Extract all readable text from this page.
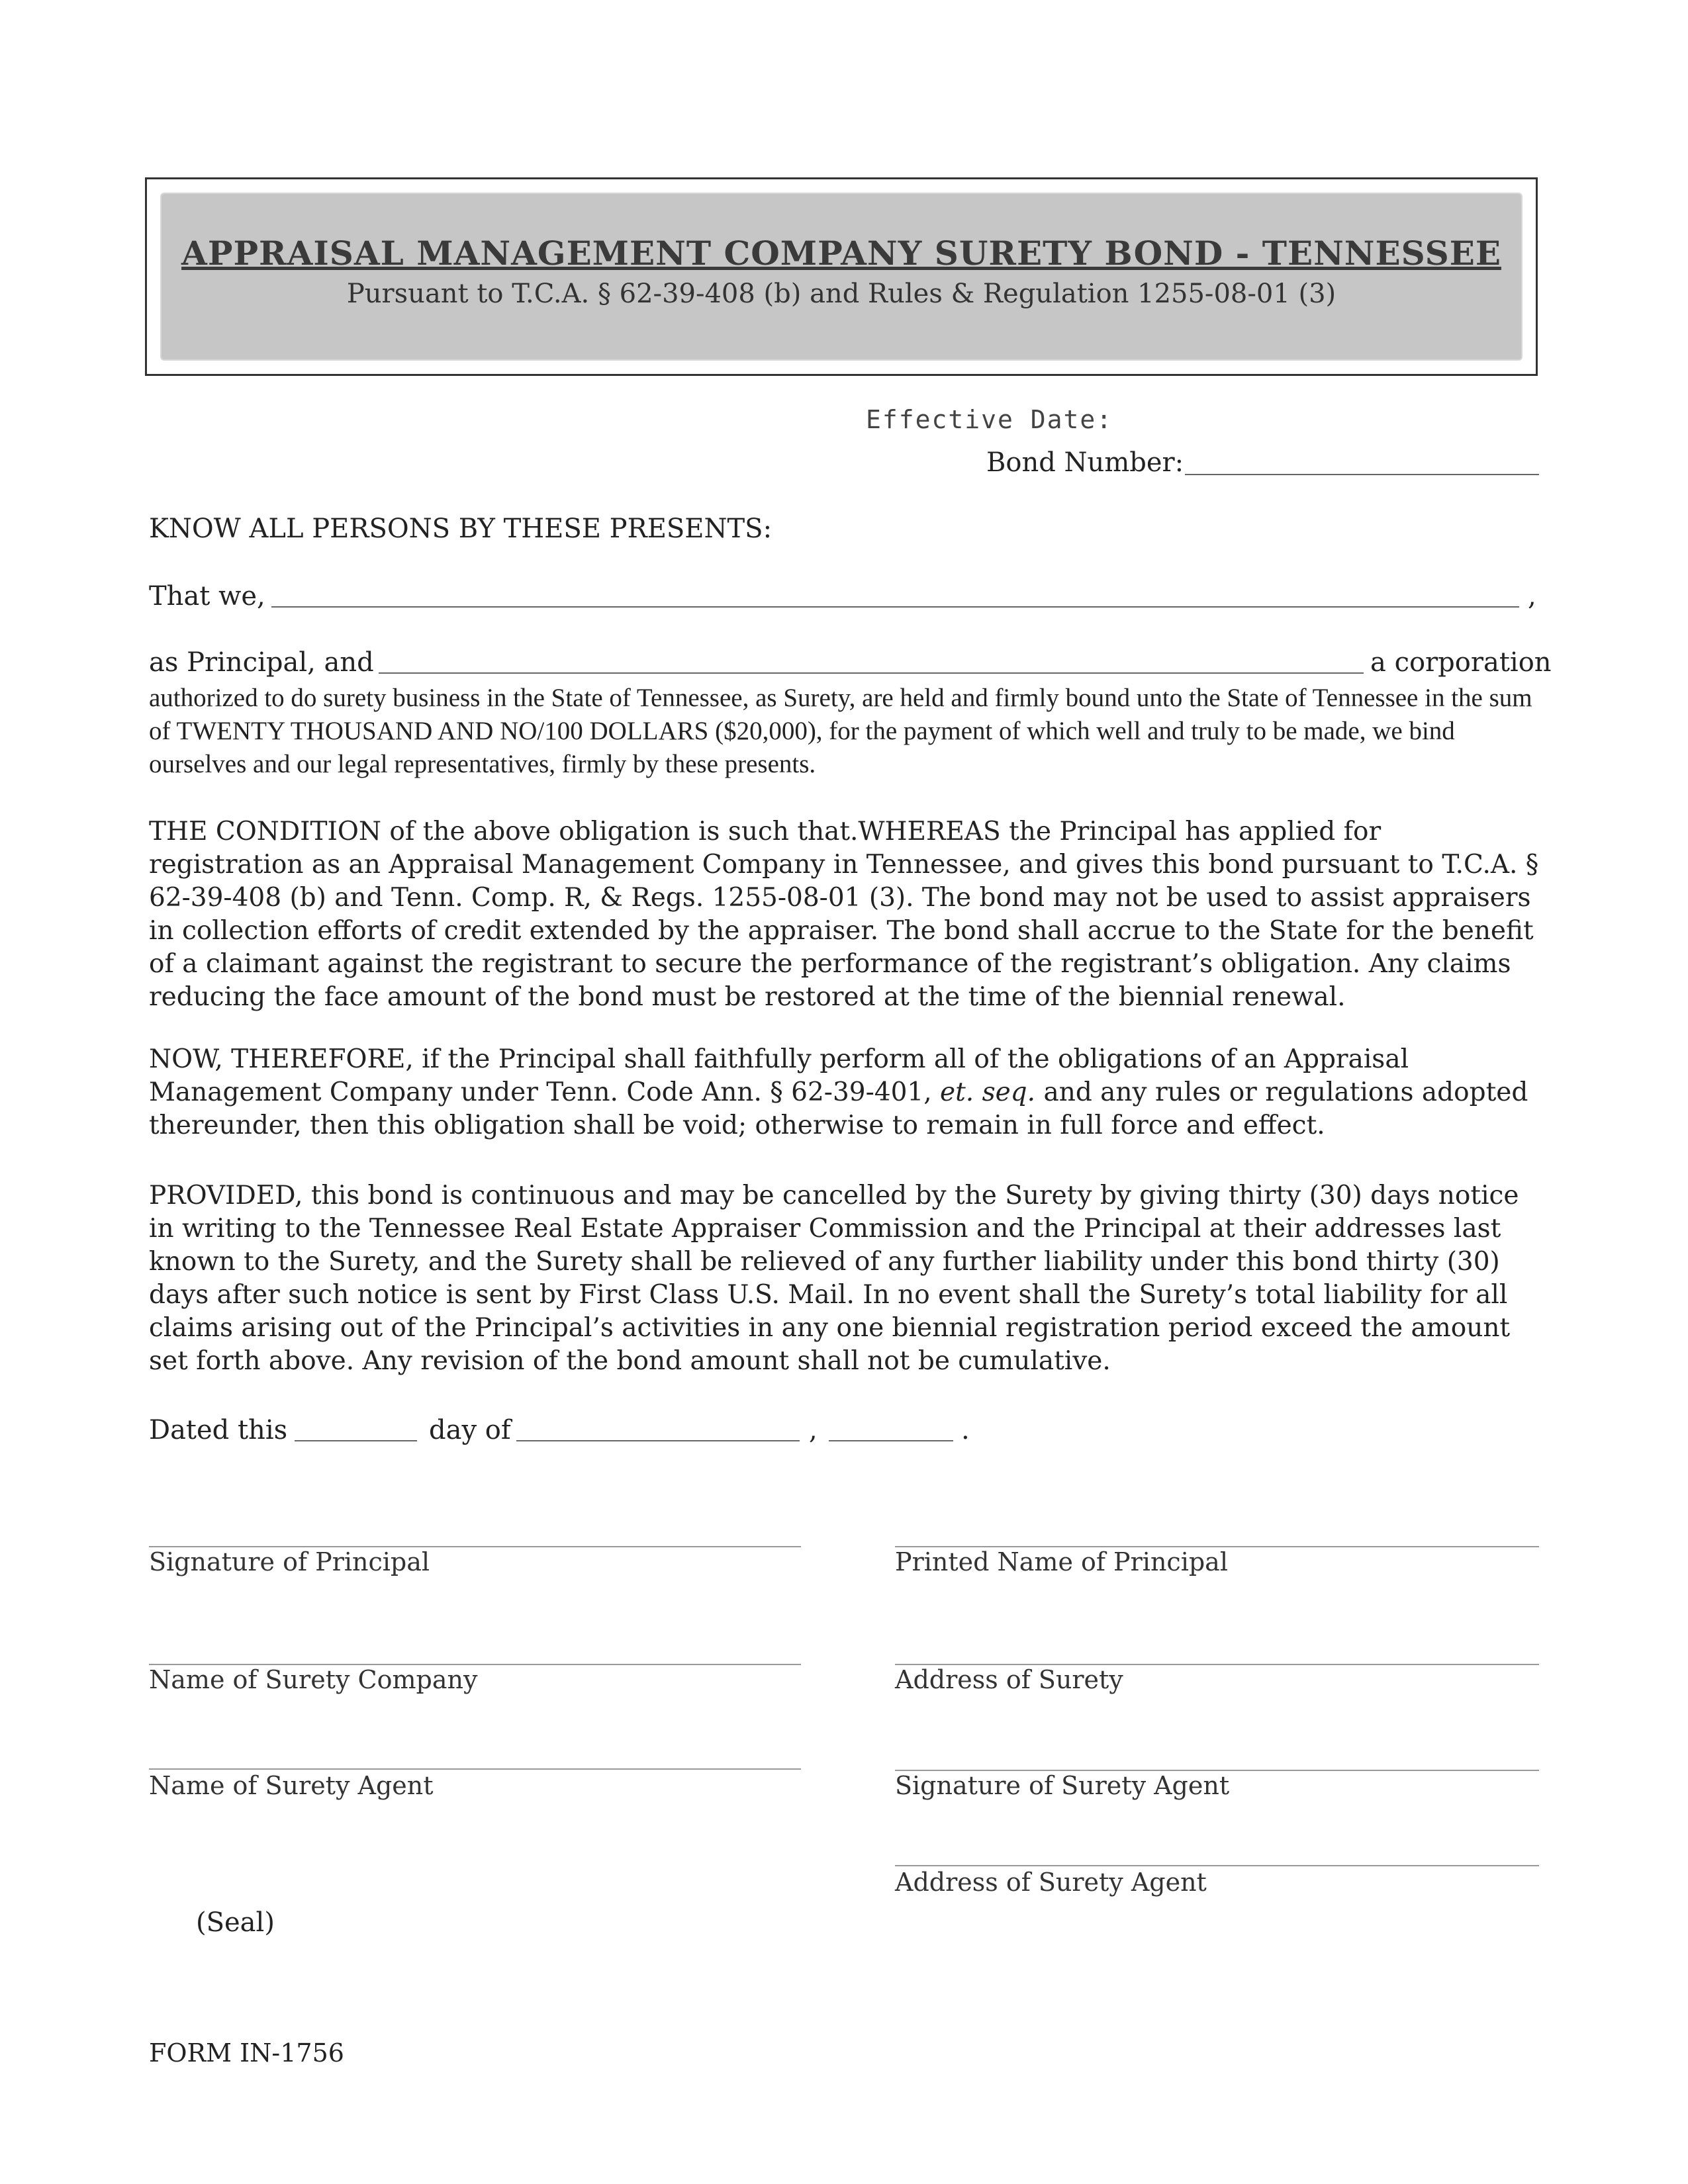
APPRAISAL MANAGEMENT COMPANY SURETY BOND - TENNESSEE
Pursuant to T.C.A. § 62-39-408 (b) and Rules & Regulation 1255-08-01 (3)
Effective Date:
Bond Number:
KNOW ALL PERSONS BY THESE PRESENTS:
That we,	,
as Principal, and	a corporation

authorized to do surety business in the State of Tennessee, as Surety, are held and firmly bound unto the State of Tennessee in the sum of TWENTY THOUSAND AND NO/100 DOLLARS ($20,000), for the payment of which well and truly to be made, we bind ourselves and our legal representatives, firmly by these presents.

THE CONDITION of the above obligation is such that.WHEREAS the Principal has applied for registration as an Appraisal Management Company in Tennessee, and gives this bond pursuant to T.C.A. § 62-39-408 (b) and Tenn. Comp. R, & Regs. 1255-08-01 (3). The bond may not be used to assist appraisers in collection efforts of credit extended by the appraiser. The bond shall accrue to the State for the benefit of a claimant against the registrant to secure the performance of the registrant’s obligation. Any claims reducing the face amount of the bond must be restored at the time of the biennial renewal.

NOW, THEREFORE, if the Principal shall faithfully perform all of the obligations of an Appraisal Management Company under Tenn. Code Ann. § 62-39-401, et. seq. and any rules or regulations adopted thereunder, then this obligation shall be void; otherwise to remain in full force and effect.

PROVIDED, this bond is continuous and may be cancelled by the Surety by giving thirty (30) days notice in writing to the Tennessee Real Estate Appraiser Commission and the Principal at their addresses last known to the Surety, and the Surety shall be relieved of any further liability under this bond thirty (30) days after such notice is sent by First Class U.S. Mail. In no event shall the Surety’s total liability for all claims arising out of the Principal’s activities in any one biennial registration period exceed the amount set forth above. Any revision of the bond amount shall not be cumulative.

Dated this	day of	,	.
Signature of Principal	Printed Name of Principal
Name of Surety Company	Address of Surety
Name of Surety Agent	Signature of Surety Agent
Address of Surety Agent
(Seal)
FORM IN-1756
